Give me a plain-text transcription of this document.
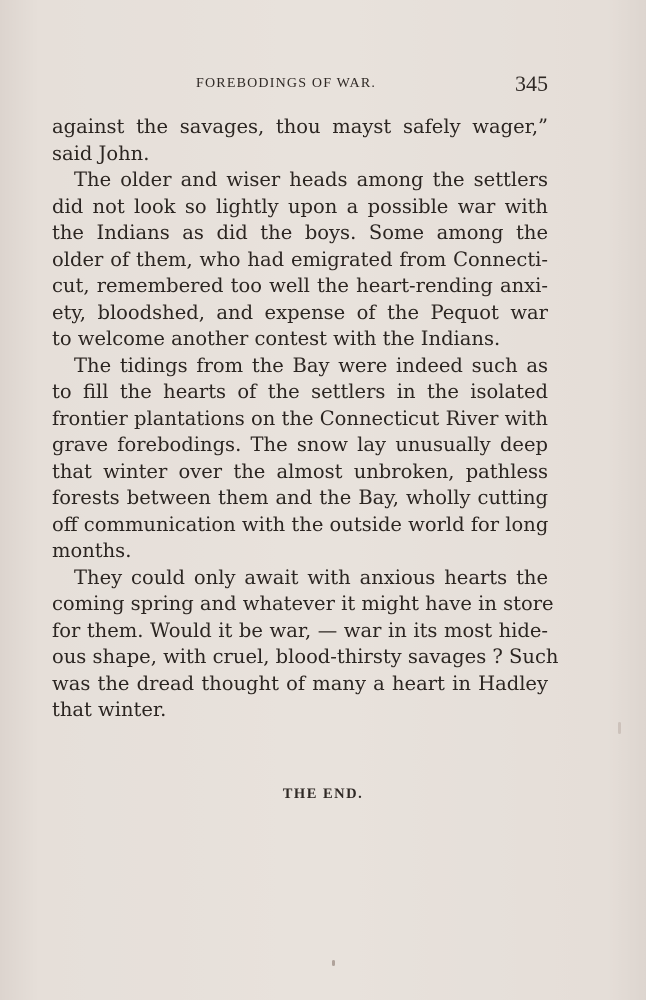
FOREBODINGS OF WAR.	345
against the savages, thou mayst safely wager,”
said John.
The older and wiser heads among the settlers
did not look so lightly upon a possible war with
the Indians as did the boys. Some among the
older of them, who had emigrated from Connecti-
cut, remembered too well the heart-rending anxi-
ety, bloodshed, and expense of the Pequot war
to welcome another contest with the Indians.
The tidings from the Bay were indeed such as
to fill the hearts of the settlers in the isolated
frontier plantations on the Connecticut River with
grave forebodings. The snow lay unusually deep
that winter over the almost unbroken, pathless
forests between them and the Bay, wholly cutting
off communication with the outside world for long
months.
They could only await with anxious hearts the
coming spring and whatever it might have in store
for them. Would it be war, — war in its most hide-
ous shape, with cruel, blood-thirsty savages ? Such
was the dread thought of many a heart in Hadley
that winter.
THE END.
